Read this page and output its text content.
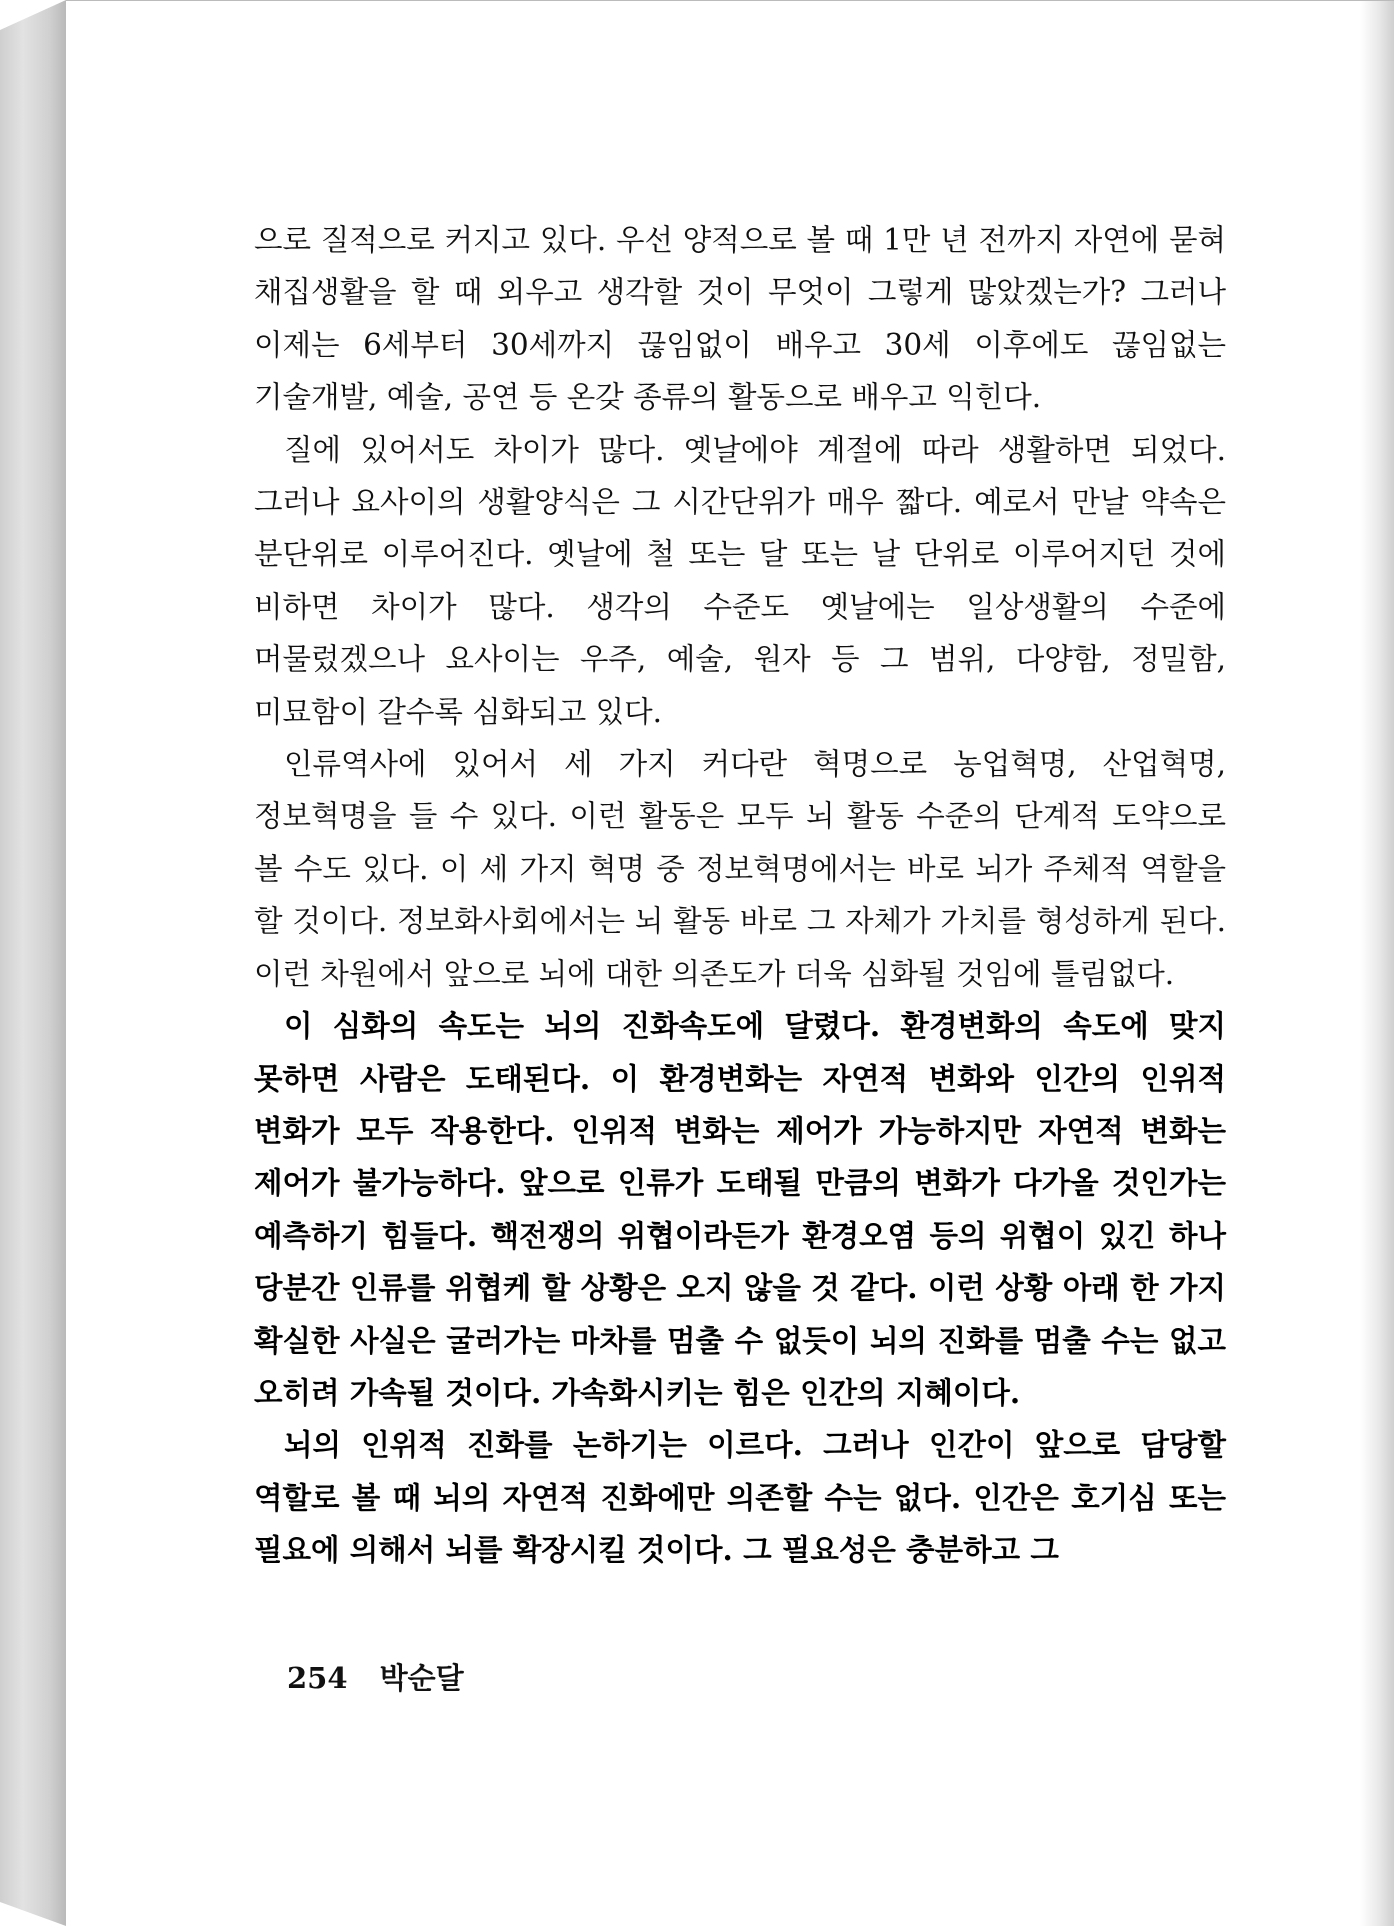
으로 질적으로 커지고 있다. 우선 양적으로 볼 때 1만 년 전까지 자연에 묻혀 채집생활을 할 때 외우고 생각할 것이 무엇이 그렇게 많았겠는가? 그러나 이제는 6세부터 30세까지 끊임없이 배우고 30세 이후에도 끊임없는 기술개발, 예술, 공연 등 온갖 종류의 활동으로 배우고 익힌다.

질에 있어서도 차이가 많다. 옛날에야 계절에 따라 생활하면 되었다. 그러나 요사이의 생활양식은 그 시간단위가 매우 짧다. 예로서 만날 약속은 분단위로 이루어진다. 옛날에 철 또는 달 또는 날 단위로 이루어지던 것에 비하면 차이가 많다. 생각의 수준도 옛날에는 일상생활의 수준에 머물렀겠으나 요사이는 우주, 예술, 원자 등 그 범위, 다양함, 정밀함, 미묘함이 갈수록 심화되고 있다.

인류역사에 있어서 세 가지 커다란 혁명으로 농업혁명, 산업혁명, 정보혁명을 들 수 있다. 이런 활동은 모두 뇌 활동 수준의 단계적 도약으로 볼 수도 있다. 이 세 가지 혁명 중 정보혁명에서는 바로 뇌가 주체적 역할을 할 것이다. 정보화사회에서는 뇌 활동 바로 그 자체가 가치를 형성하게 된다. 이런 차원에서 앞으로 뇌에 대한 의존도가 더욱 심화될 것임에 틀림없다.

이 심화의 속도는 뇌의 진화속도에 달렸다. 환경변화의 속도에 맞지 못하면 사람은 도태된다. 이 환경변화는 자연적 변화와 인간의 인위적 변화가 모두 작용한다. 인위적 변화는 제어가 가능하지만 자연적 변화는 제어가 불가능하다. 앞으로 인류가 도태될 만큼의 변화가 다가올 것인가는 예측하기 힘들다. 핵전쟁의 위협이라든가 환경오염 등의 위협이 있긴 하나 당분간 인류를 위협케 할 상황은 오지 않을 것 같다. 이런 상황 아래 한 가지 확실한 사실은 굴러가는 마차를 멈출 수 없듯이 뇌의 진화를 멈출 수는 없고 오히려 가속될 것이다. 가속화시키는 힘은 인간의 지혜이다.

뇌의 인위적 진화를 논하기는 이르다. 그러나 인간이 앞으로 담당할 역할로 볼 때 뇌의 자연적 진화에만 의존할 수는 없다. 인간은 호기심 또는 필요에 의해서 뇌를 확장시킬 것이다. 그 필요성은 충분하고 그

254 박순달
